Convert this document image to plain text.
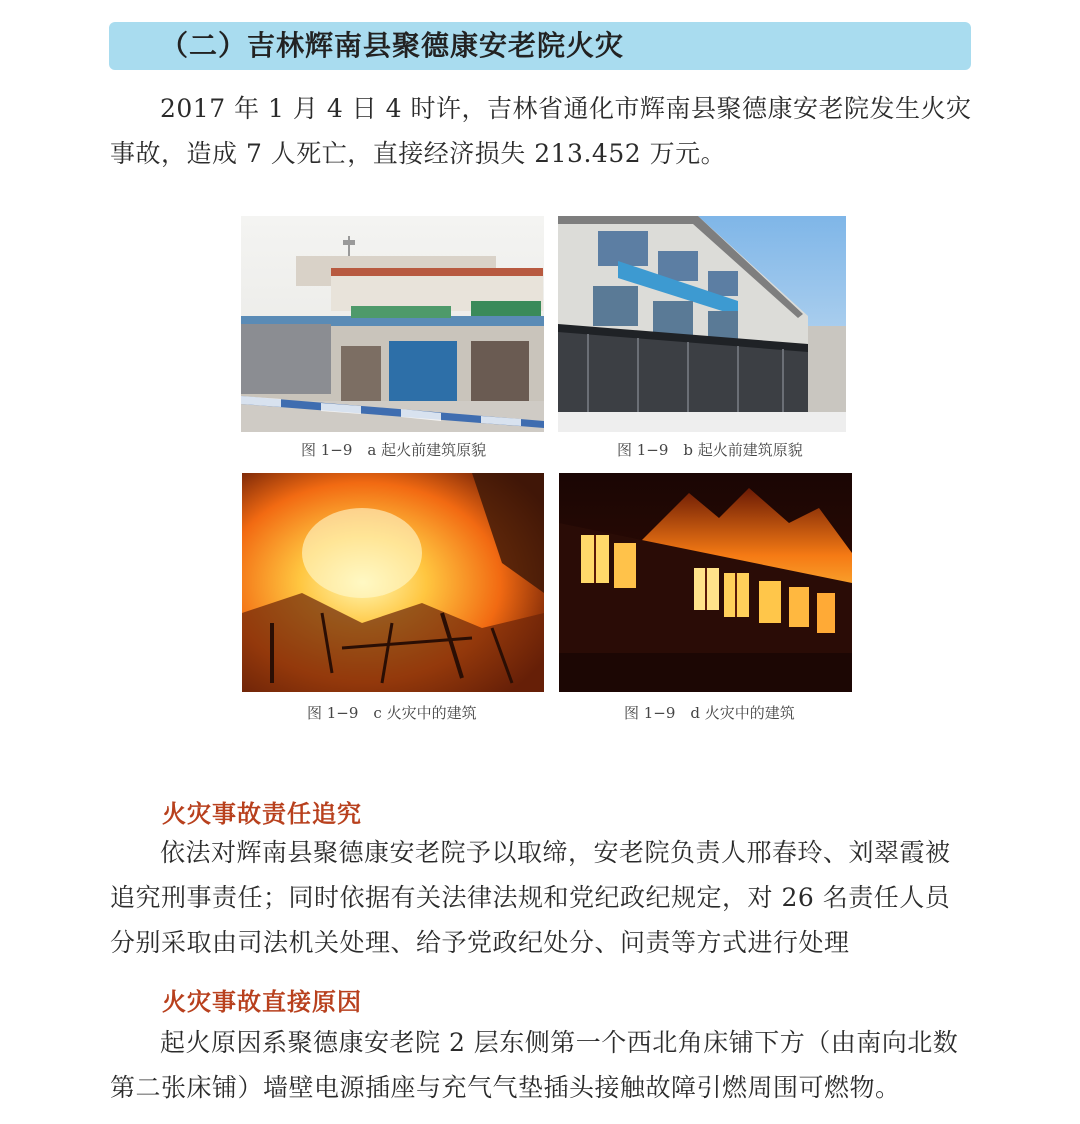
（二）吉林辉南县聚德康安老院火灾
2017 年 1 月 4 日 4 时许，吉林省通化市辉南县聚德康安老院发生火灾事故，造成 7 人死亡，直接经济损失 213.452 万元。
图 1−9　a 起火前建筑原貌	图 1−9　b 起火前建筑原貌
图 1−9　c 火灾中的建筑	图 1−9　d 火灾中的建筑
火灾事故责任追究
依法对辉南县聚德康安老院予以取缔，安老院负责人邢春玲、刘翠霞被追究刑事责任；同时依据有关法律法规和党纪政纪规定，对 26 名责任人员分别采取由司法机关处理、给予党政纪处分、问责等方式进行处理
火灾事故直接原因
起火原因系聚德康安老院 2 层东侧第一个西北角床铺下方（由南向北数第二张床铺）墙壁电源插座与充气气垫插头接触故障引燃周围可燃物。
